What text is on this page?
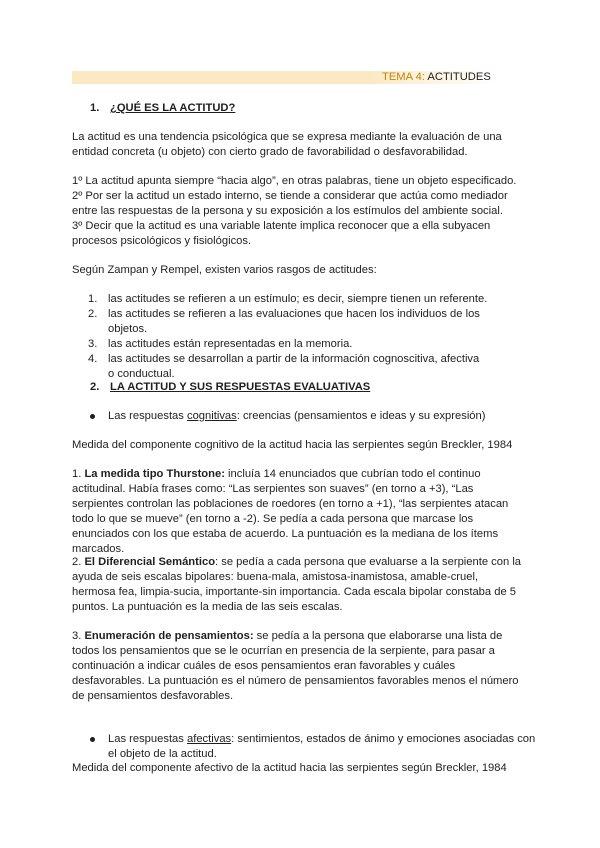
TEMA 4: ACTITUDES
1. ¿QUÉ ES LA ACTITUD?
La actitud es una tendencia psicológica que se expresa mediante la evaluación de una entidad concreta (u objeto) con cierto grado de favorabilidad o desfavorabilidad.
1º La actitud apunta siempre “hacia algo”, en otras palabras, tiene un objeto especificado.
2º Por ser la actitud un estado interno, se tiende a considerar que actúa como mediador entre las respuestas de la persona y su exposición a los estímulos del ambiente social.
3º Decir que la actitud es una variable latente implica reconocer que a ella subyacen procesos psicológicos y fisiológicos.
Según Zampan y Rempel, existen varios rasgos de actitudes:
1. las actitudes se refieren a un estímulo; es decir, siempre tienen un referente.
2. las actitudes se refieren a las evaluaciones que hacen los individuos de los objetos.
3. las actitudes están representadas en la memoria.
4. las actitudes se desarrollan a partir de la información cognoscitiva, afectiva o conductual.
2. LA ACTITUD Y SUS RESPUESTAS EVALUATIVAS
Las respuestas cognitivas: creencias (pensamientos e ideas y su expresión)
Medida del componente cognitivo de la actitud hacia las serpientes según Breckler, 1984
1. La medida tipo Thurstone: incluía 14 enunciados que cubrían todo el continuo actitudinal. Había frases como: “Las serpientes son suaves” (en torno a +3), “Las serpientes controlan las poblaciones de roedores (en torno a +1), “las serpientes atacan todo lo que se mueve” (en torno a -2). Se pedía a cada persona que marcase los enunciados con los que estaba de acuerdo. La puntuación es la mediana de los ítems marcados.
2. El Diferencial Semántico: se pedía a cada persona que evaluarse a la serpiente con la ayuda de seis escalas bipolares: buena-mala, amistosa-inamistosa, amable-cruel, hermosa fea, limpia-sucia, importante-sin importancia. Cada escala bipolar constaba de 5 puntos. La puntuación es la media de las seis escalas.
3. Enumeración de pensamientos: se pedía a la persona que elaborarse una lista de todos los pensamientos que se le ocurrían en presencia de la serpiente, para pasar a continuación a indicar cuáles de esos pensamientos eran favorables y cuáles desfavorables. La puntuación es el número de pensamientos favorables menos el número de pensamientos desfavorables.
Las respuestas afectivas: sentimientos, estados de ánimo y emociones asociadas con el objeto de la actitud.
Medida del componente afectivo de la actitud hacia las serpientes según Breckler, 1984
